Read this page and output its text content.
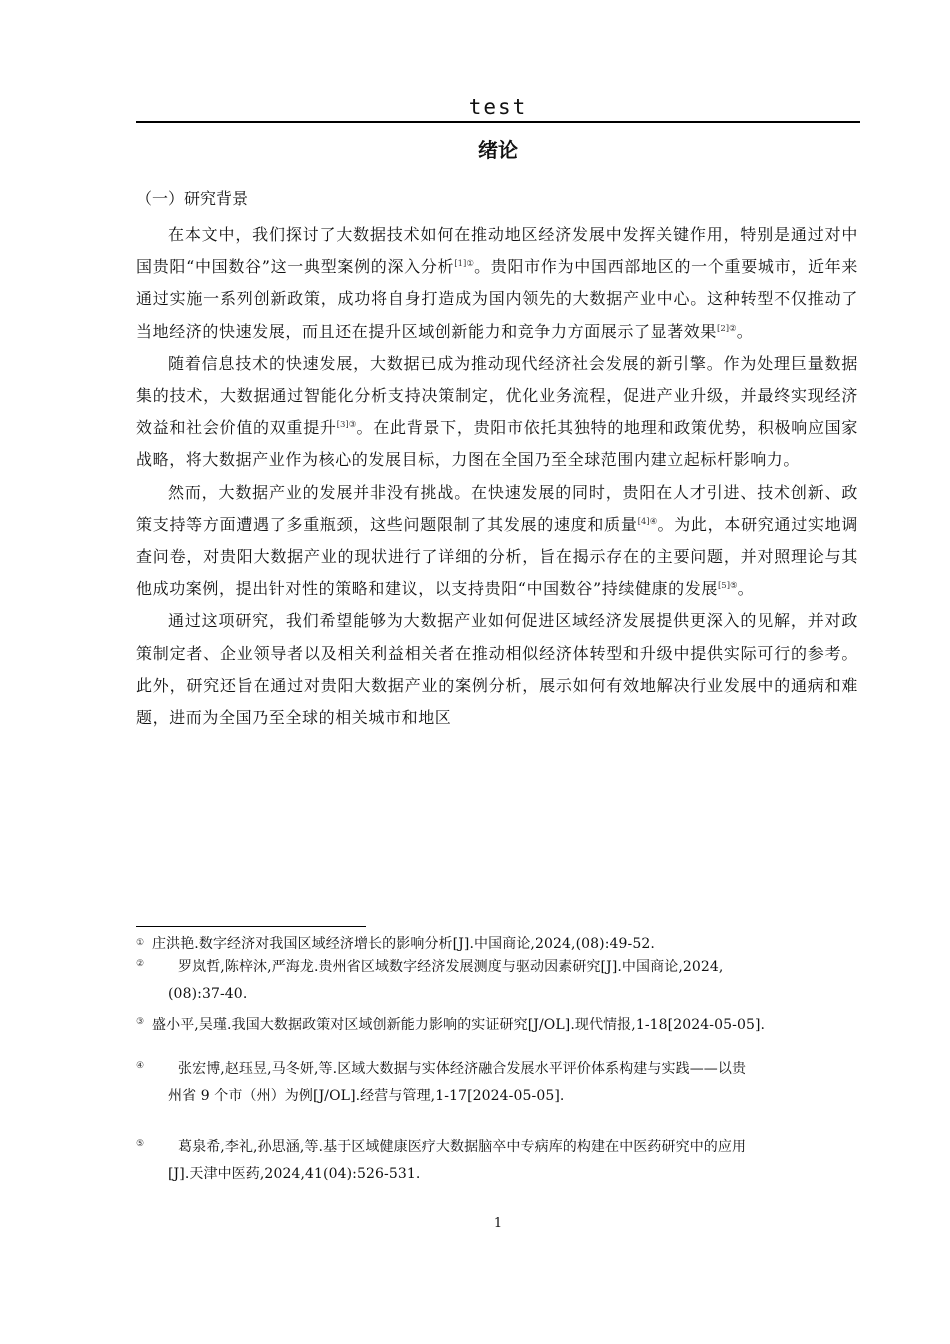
test
绪论
（一）研究背景

在本文中，我们探讨了大数据技术如何在推动地区经济发展中发挥关键作用，特别是通过对中国贵阳“中国数谷”这一典型案例的深入分析$^{[1]①}$。贵阳市作为中国西部地区的一个重要城市，近年来通过实施一系列创新政策，成功将自身打造成为国内领先的大数据产业中心。这种转型不仅推动了当地经济的快速发展，而且还在提升区域创新能力和竞争力方面展示了显著效果$^{[2]②}$。

随着信息技术的快速发展，大数据已成为推动现代经济社会发展的新引擎。作为处理巨量数据集的技术，大数据通过智能化分析支持决策制定，优化业务流程，促进产业升级，并最终实现经济效益和社会价值的双重提升$^{[3]③}$。在此背景下，贵阳市依托其独特的地理和政策优势，积极响应国家战略，将大数据产业作为核心的发展目标，力图在全国乃至全球范围内建立起标杆影响力。

然而，大数据产业的发展并非没有挑战。在快速发展的同时，贵阳在人才引进、技术创新、政策支持等方面遭遇了多重瓶颈，这些问题限制了其发展的速度和质量$^{[4]④}$。为此，本研究通过实地调查问卷，对贵阳大数据产业的现状进行了详细的分析，旨在揭示存在的主要问题，并对照理论与其他成功案例，提出针对性的策略和建议，以支持贵阳“中国数谷”持续健康的发展$^{[5]⑤}$。

通过这项研究，我们希望能够为大数据产业如何促进区域经济发展提供更深入的见解，并对政策制定者、企业领导者以及相关利益相关者在推动相似经济体转型和升级中提供实际可行的参考。此外，研究还旨在通过对贵阳大数据产业的案例分析，展示如何有效地解决行业发展中的通病和难题，进而为全国乃至全球的相关城市和地区

① 庄洪艳.数字经济对我国区域经济增长的影响分析[J].中国商论,2024,(08):49-52.
②	罗岚哲,陈梓沐,严海龙.贵州省区域数字经济发展测度与驱动因素研究[J].中国商论,2024,
(08):37-40.
③ 盛小平,吴瑾.我国大数据政策对区域创新能力影响的实证研究[J/OL].现代情报,1-18[2024-05-05].
④	张宏博,赵珏昱,马冬妍,等.区域大数据与实体经济融合发展水平评价体系构建与实践——以贵
州省 9 个市（州）为例[J/OL].经营与管理,1-17[2024-05-05].
⑤	葛泉希,李礼,孙思涵,等.基于区域健康医疗大数据脑卒中专病库的构建在中医药研究中的应用
[J].天津中医药,2024,41(04):526-531.
1
